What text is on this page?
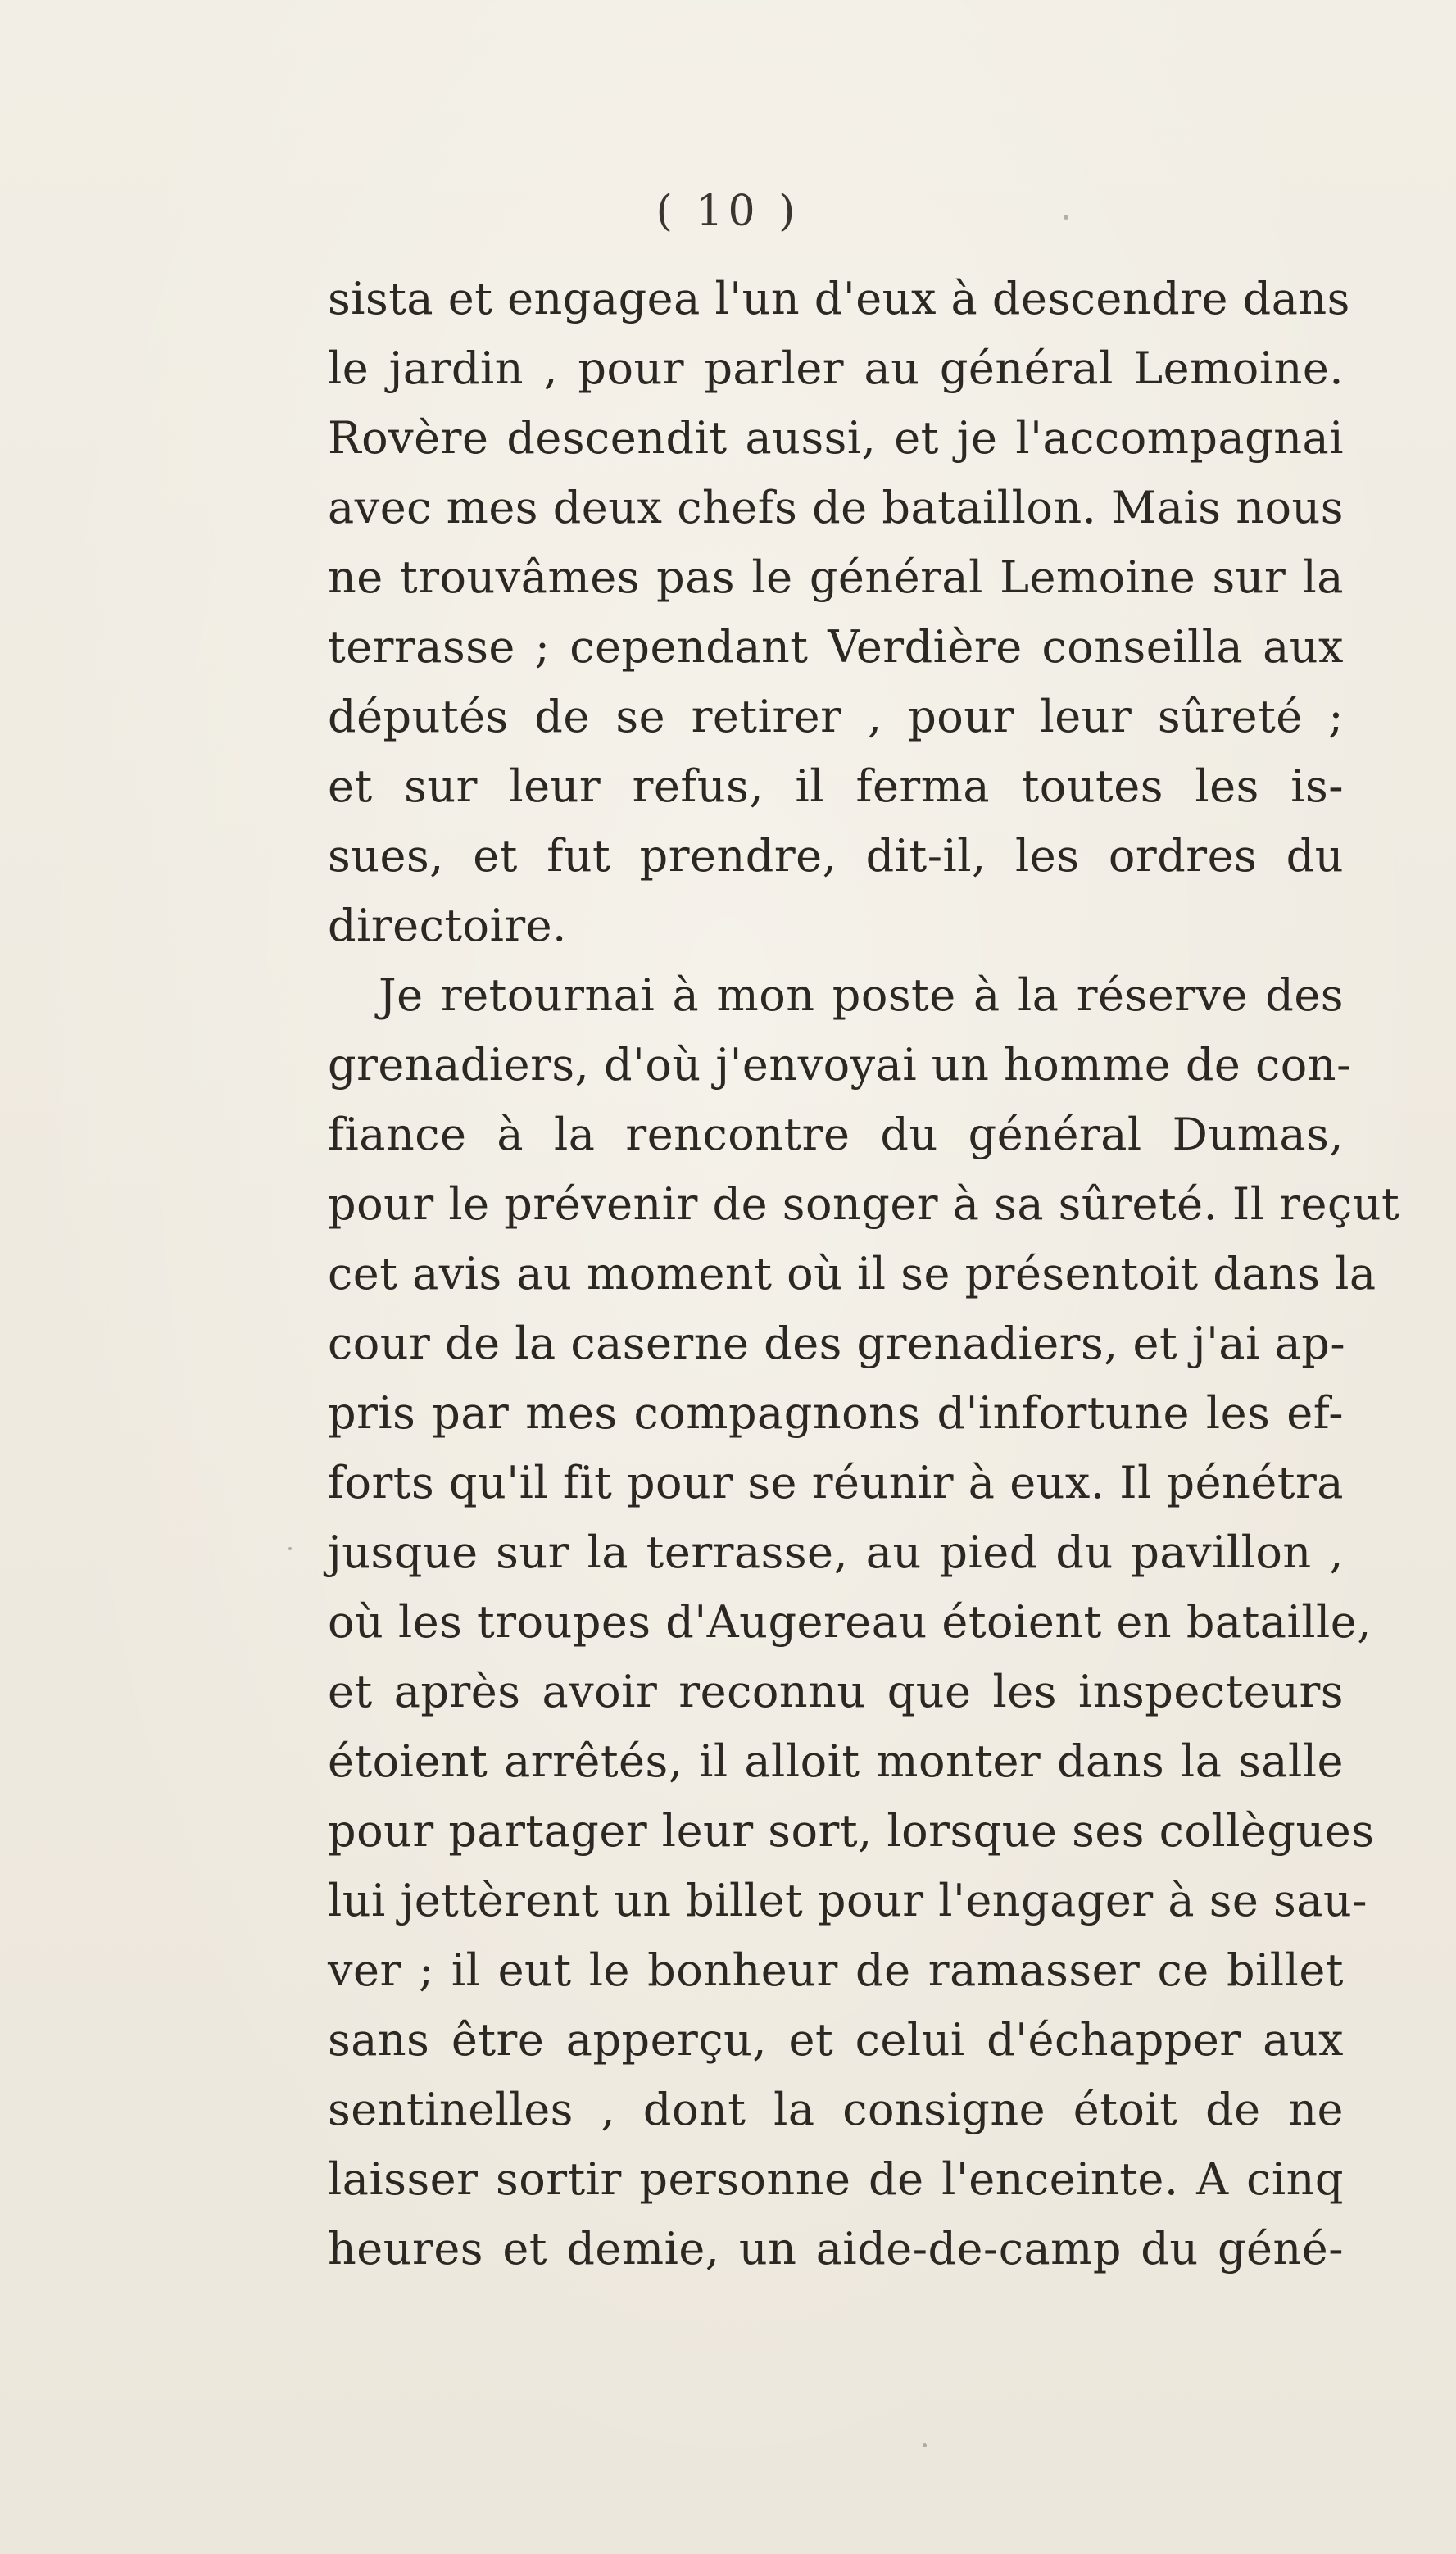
( 10 )
sista et engagea l'un d'eux à descendre dans
le jardin , pour parler au général Lemoine.
Rovère descendit aussi, et je l'accompagnai
avec mes deux chefs de bataillon. Mais nous
ne trouvâmes pas le général Lemoine sur la
terrasse ; cependant Verdière conseilla aux
députés de se retirer , pour leur sûreté ;
et sur leur refus, il ferma toutes les is-
sues, et fut prendre, dit-il, les ordres du
directoire.
Je retournai à mon poste à la réserve des
grenadiers, d'où j'envoyai un homme de con-
fiance à la rencontre du général Dumas,
pour le prévenir de songer à sa sûreté. Il reçut
cet avis au moment où il se présentoit dans la
cour de la caserne des grenadiers, et j'ai ap-
pris par mes compagnons d'infortune les ef-
forts qu'il fit pour se réunir à eux. Il pénétra
jusque sur la terrasse, au pied du pavillon ,
où les troupes d'Augereau étoient en bataille,
et après avoir reconnu que les inspecteurs
étoient arrêtés, il alloit monter dans la salle
pour partager leur sort, lorsque ses collègues
lui jettèrent un billet pour l'engager à se sau-
ver ; il eut le bonheur de ramasser ce billet
sans être apperçu, et celui d'échapper aux
sentinelles , dont la consigne étoit de ne
laisser sortir personne de l'enceinte. A cinq
heures et demie, un aide-de-camp du géné-
